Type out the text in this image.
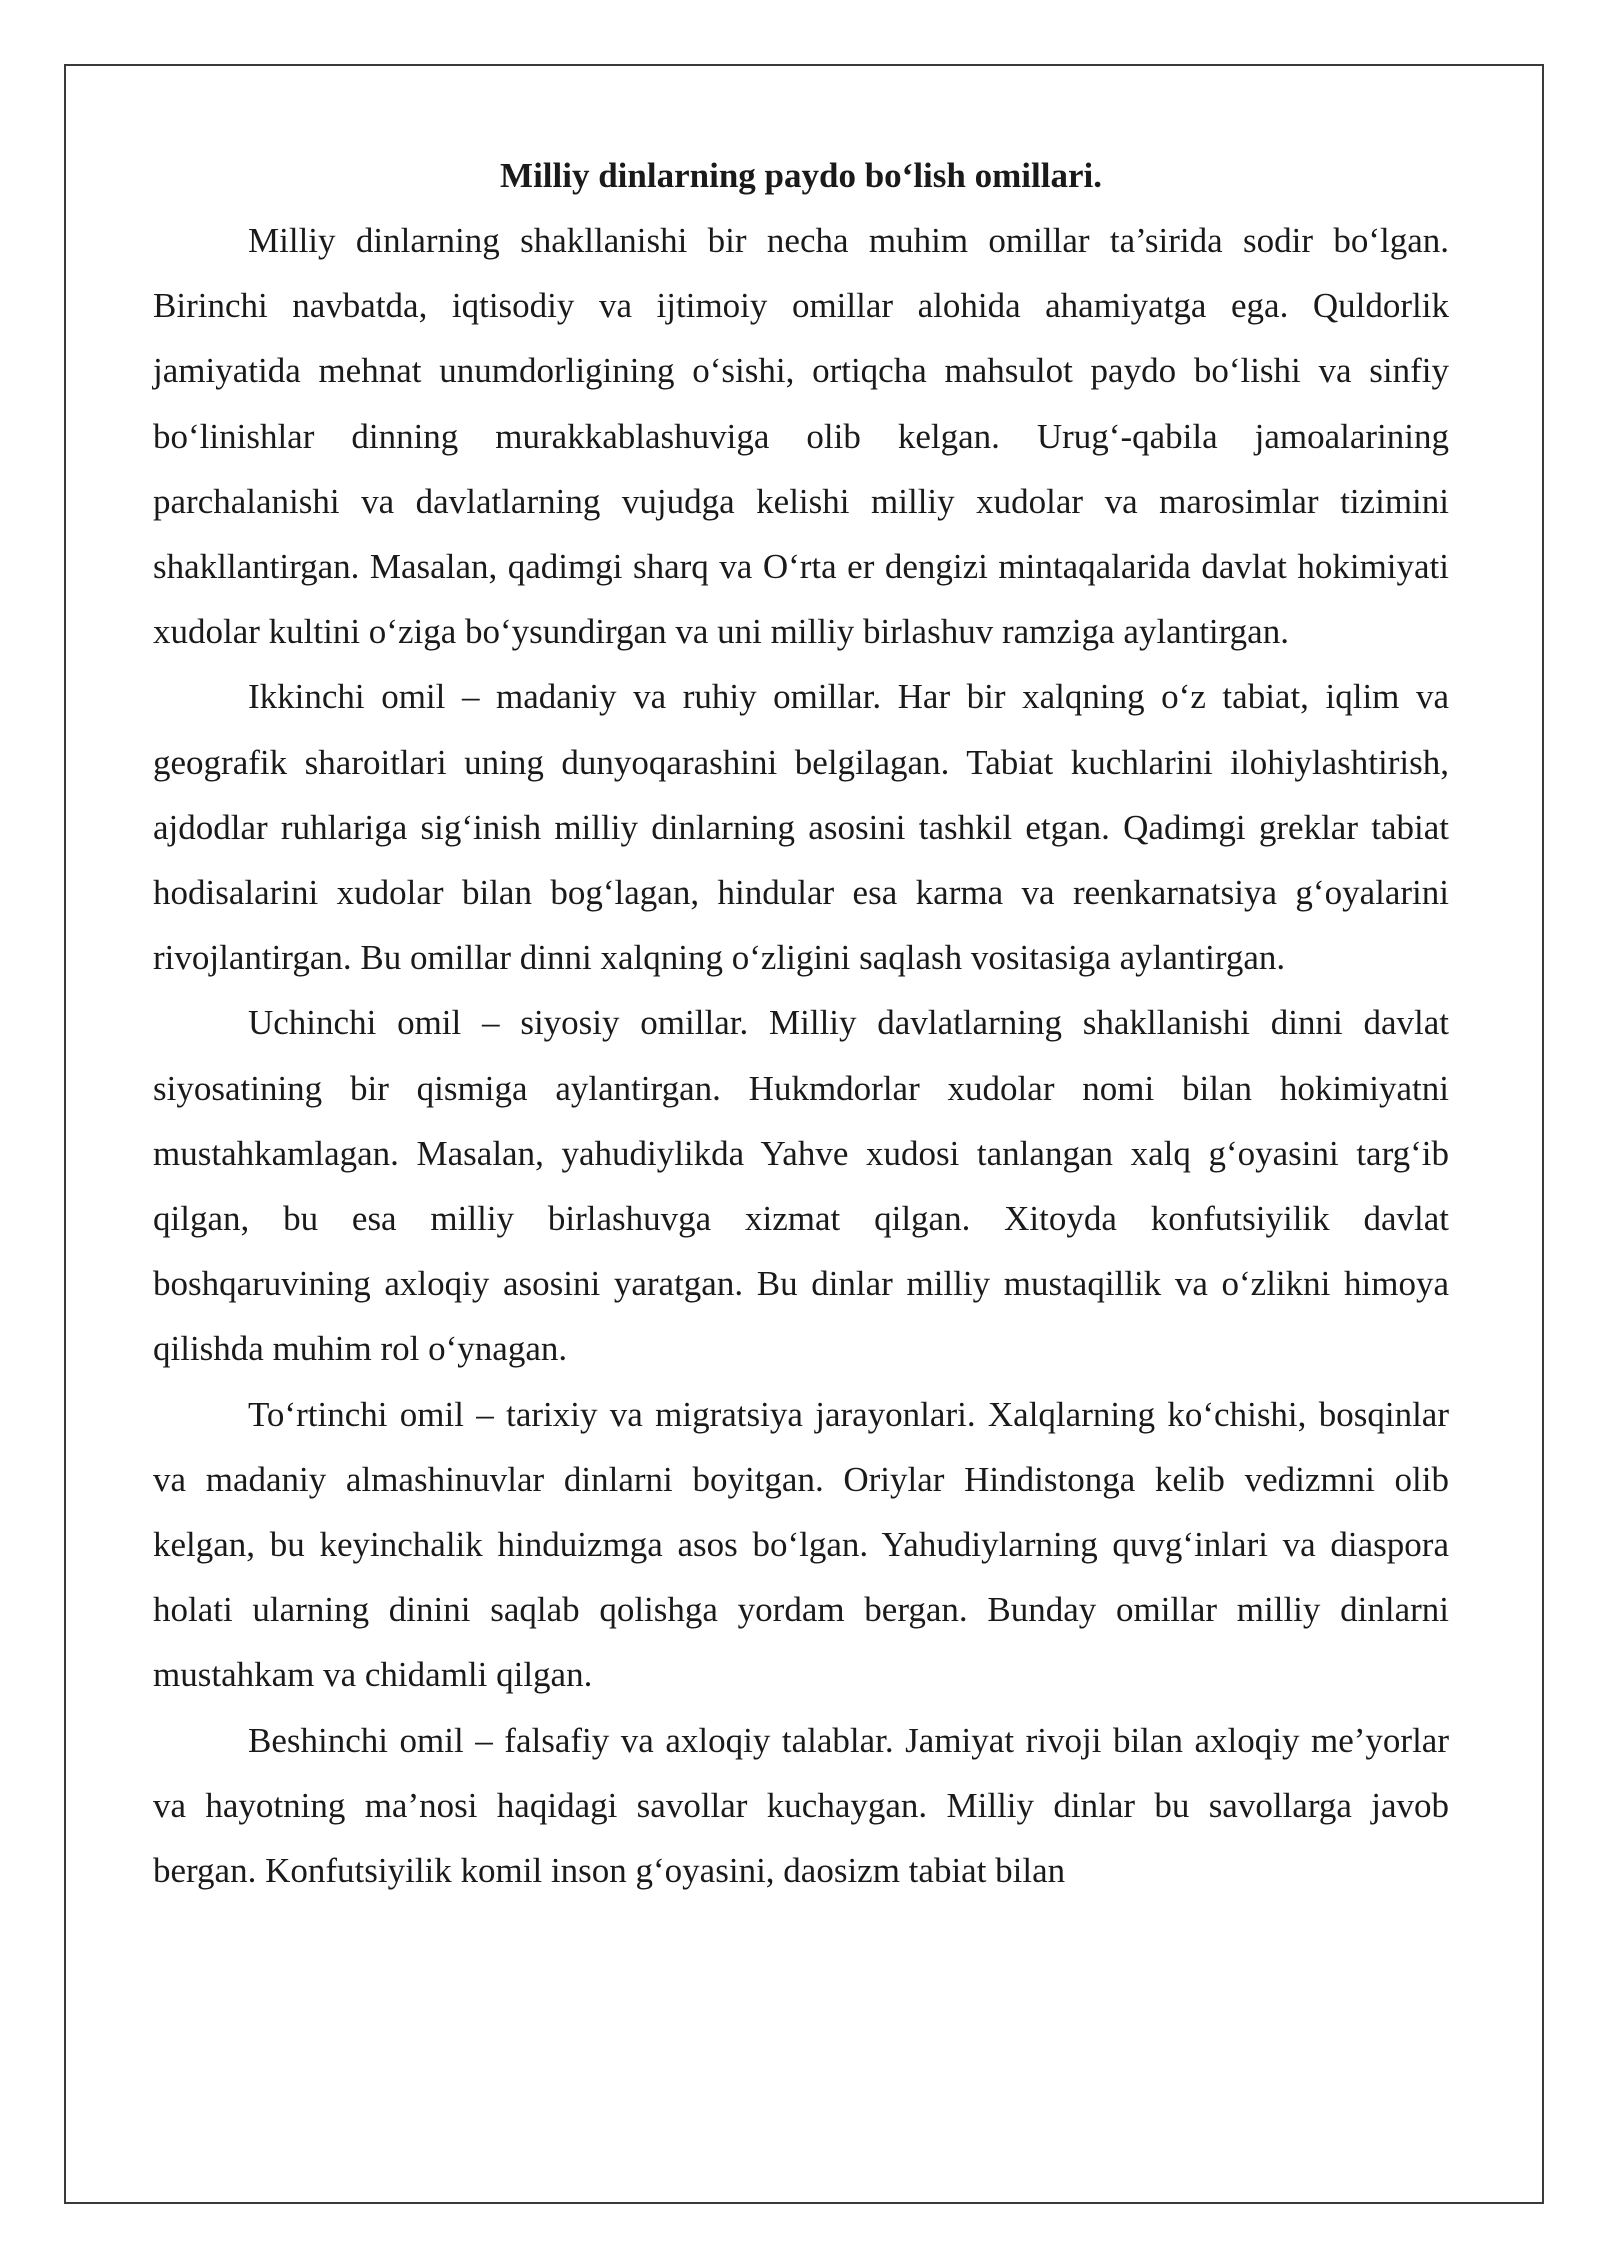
Milliy dinlarning paydo bo‘lish omillari.

Milliy dinlarning shakllanishi bir necha muhim omillar ta’sirida sodir bo‘lgan. Birinchi navbatda, iqtisodiy va ijtimoiy omillar alohida ahamiyatga ega. Quldorlik jamiyatida mehnat unumdorligining o‘sishi, ortiqcha mahsulot paydo bo‘lishi va sinfiy bo‘linishlar dinning murakkablashuviga olib kelgan. Urug‘-qabila jamoalarining parchalanishi va davlatlarning vujudga kelishi milliy xudolar va marosimlar tizimini shakllantirgan. Masalan, qadimgi sharq va O‘rta er dengizi mintaqalarida davlat hokimiyati xudolar kultini o‘ziga bo‘ysundirgan va uni milliy birlashuv ramziga aylantirgan.

Ikkinchi omil – madaniy va ruhiy omillar. Har bir xalqning o‘z tabiat, iqlim va geografik sharoitlari uning dunyoqarashini belgilagan. Tabiat kuchlarini ilohiylashtirish, ajdodlar ruhlariga sig‘inish milliy dinlarning asosini tashkil etgan. Qadimgi greklar tabiat hodisalarini xudolar bilan bog‘lagan, hindular esa karma va reenkarnatsiya g‘oyalarini rivojlantirgan. Bu omillar dinni xalqning o‘zligini saqlash vositasiga aylantirgan.

Uchinchi omil – siyosiy omillar. Milliy davlatlarning shakllanishi dinni davlat siyosatining bir qismiga aylantirgan. Hukmdorlar xudolar nomi bilan hokimiyatni mustahkamlagan. Masalan, yahudiylikda Yahve xudosi tanlangan xalq g‘oyasini targ‘ib qilgan, bu esa milliy birlashuvga xizmat qilgan. Xitoyda konfutsiyilik davlat boshqaruvining axloqiy asosini yaratgan. Bu dinlar milliy mustaqillik va o‘zlikni himoya qilishda muhim rol o‘ynagan.

To‘rtinchi omil – tarixiy va migratsiya jarayonlari. Xalqlarning ko‘chishi, bosqinlar va madaniy almashinuvlar dinlarni boyitgan. Oriylar Hindistonga kelib vedizmni olib kelgan, bu keyinchalik hinduizmga asos bo‘lgan. Yahudiylarning quvg‘inlari va diaspora holati ularning dinini saqlab qolishga yordam bergan. Bunday omillar milliy dinlarni mustahkam va chidamli qilgan.

Beshinchi omil – falsafiy va axloqiy talablar. Jamiyat rivoji bilan axloqiy me’yorlar va hayotning ma’nosi haqidagi savollar kuchaygan. Milliy dinlar bu savollarga javob bergan. Konfutsiyilik komil inson g‘oyasini, daosizm tabiat bilan
